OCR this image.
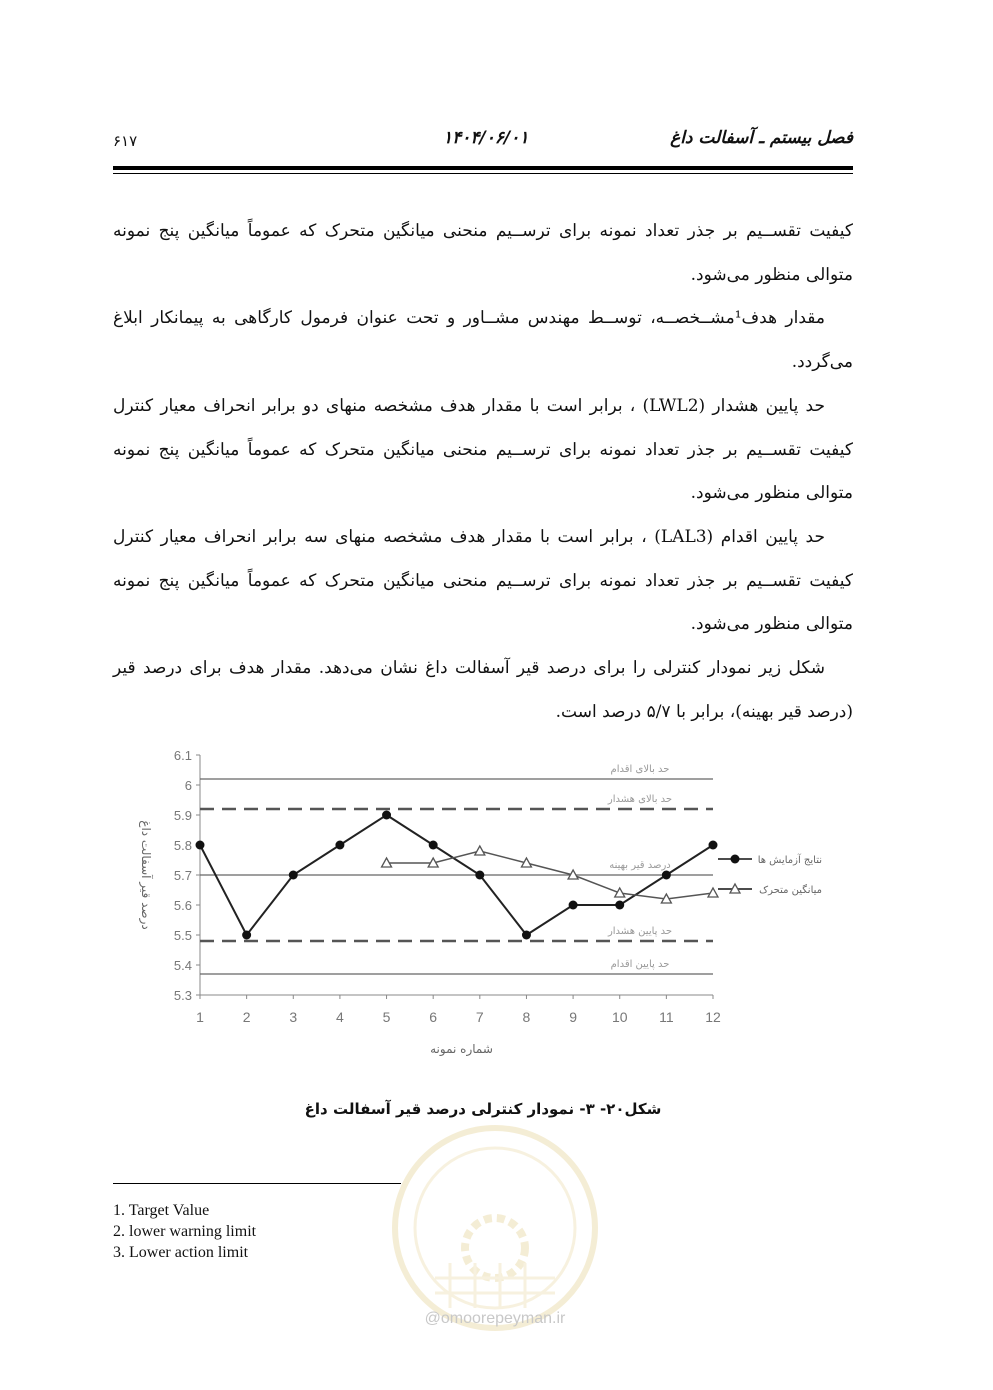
۶۱۷	۱۴۰۴/۰۶/۰۱	فصل بیستم ـ آسفالت داغ

کیفیت تقســیم بر جذر تعداد نمونه برای ترســیم منحنی میانگین متحرک که عموماً میانگین پنج نمونه متوالی منظور می‌شود.

مقدار هدف¹مشــخصــه، توســط مهندس مشــاور و تحت عنوان فرمول کارگاهی به پیمانکار ابلاغ می‌گردد.

حد پایین هشدار (LWL2) ، برابر است با مقدار هدف مشخصه منهای دو برابر انحراف معیار کنترل کیفیت تقســیم بر جذر تعداد نمونه برای ترســیم منحنی میانگین متحرک که عموماً میانگین پنج نمونه متوالی منظور می‌شود.

حد پایین اقدام (LAL3) ، برابر است با مقدار هدف مشخصه منهای سه برابر انحراف معیار کنترل کیفیت تقســیم بر جذر تعداد نمونه برای ترســیم منحنی میانگین متحرک که عموماً میانگین پنج نمونه متوالی منظور می‌شود.

شکل زیر نمودار کنترلی را برای درصد قیر آسفالت داغ نشان می‌دهد. مقدار هدف برای درصد قیر (درصد قیر بهینه)، برابر با ۵/۷ درصد است.

5.3
5.4
5.5
5.6
5.7
5.8
5.9
6
6.1
1	2	3	4	5	6	7	8	9 10 11 12
نتایج آزمایش ها
میانگین متحرک
شماره نمونه
درصد قیر آسفالت داغ
حد بالای اقدام
حد بالای هشدار
درصد قیر بهینه
حد پایین هشدار
حد پایین اقدام
شکل۲۰- ۳- نمودار کنترلی درصد قیر آسفالت داغ
1. Target Value
2. lower warning limit
3. Lower action limit
@omoorepeyman.ir
